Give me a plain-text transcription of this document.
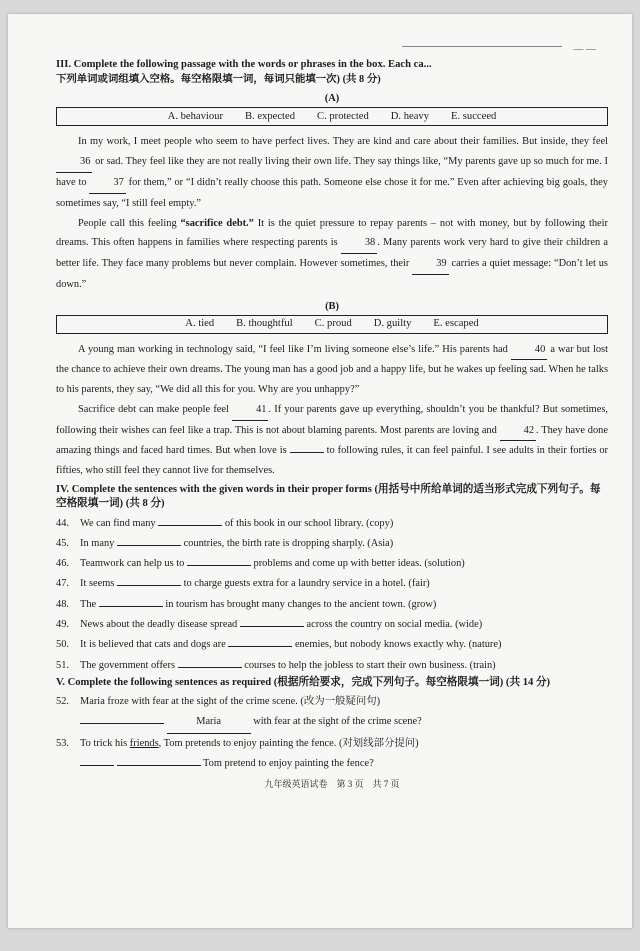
— —

III. Complete the following passage with the words or phrases in the box. Each ca...

下列单词或词组填入空格。每空格限填一词，每词只能填一次) (共 8 分)

(A)
A. behaviour B. expected C. protected D. heavy E. succeed

In my work, I meet people who seem to have perfect lives. They are kind and care about their families. But inside, they feel 36 or sad. They feel like they are not really living their own life. They say things like, “My parents gave up so much for me. I have to	37 for them,” or “I didn’t really choose this path. Someone else chose it for me.” Even after achieving big goals, they sometimes say, “I still feel empty.”

People call this feeling “sacrifice debt.” It is the quiet pressure to repay parents – not with money, but by following their dreams. This often happens in families where respecting parents is	38 . Many parents work very hard to give their children a better life. They face many problems but never complain. However sometimes, their	39 carries a quiet message: “Don’t let us down.”

(B)
A. tied B. thoughtful C. proud D. guilty E. escaped

A young man working in technology said, “I feel like I’m living someone else’s life.” His parents had	40 a war but lost the chance to achieve their own dreams. The young man has a good job and a happy life, but he wakes up feeling sad. When he talks to his parents, they say, “We did all this for you. Why are you unhappy?”

Sacrifice debt can make people feel	41 . If your parents gave up everything, shouldn’t you be thankful? But sometimes, following their wishes can feel like a trap. This is not about blaming parents. Most parents are loving and	42 . They have done amazing things and faced hard times. But when love is	to following rules, it can feel painful. I see adults in their forties or fifties, who still feel they cannot live for themselves.

IV. Complete the sentences with the given words in their proper forms (用括号中所给单词的适当形式完成下列句子。每空格限填一词) (共 8 分)

44.	We can find many	of this book in our school library. (copy)
45.	In many	countries, the birth rate is dropping sharply. (Asia)
46.	Teamwork can help us to	problems and come up with better ideas. (solution)
47.	It seems	to charge guests extra for a laundry service in a hotel. (fair)
48.	The	in tourism has brought many changes to the ancient town. (grow)
49.	News about the deadly disease spread	across the country on social media. (wide)
50.	It is believed that cats and dogs are	enemies, but nobody knows exactly why. (nature)
51.	The government offers	courses to help the jobless to start their own business. (train)

V. Complete the following sentences as required (根据所给要求，完成下列句子。每空格限填一词) (共 14 分)

52.	Maria froze with fear at the sight of the crime scene. (改为一般疑问句)
Maria	with fear at the sight of the crime scene?
53.	To trick his friends, Tom pretends to enjoy painting the fence. (对划线部分提问)
Tom pretend to enjoy painting the fence?
九年级英语试卷　第 3 页　共 7 页
